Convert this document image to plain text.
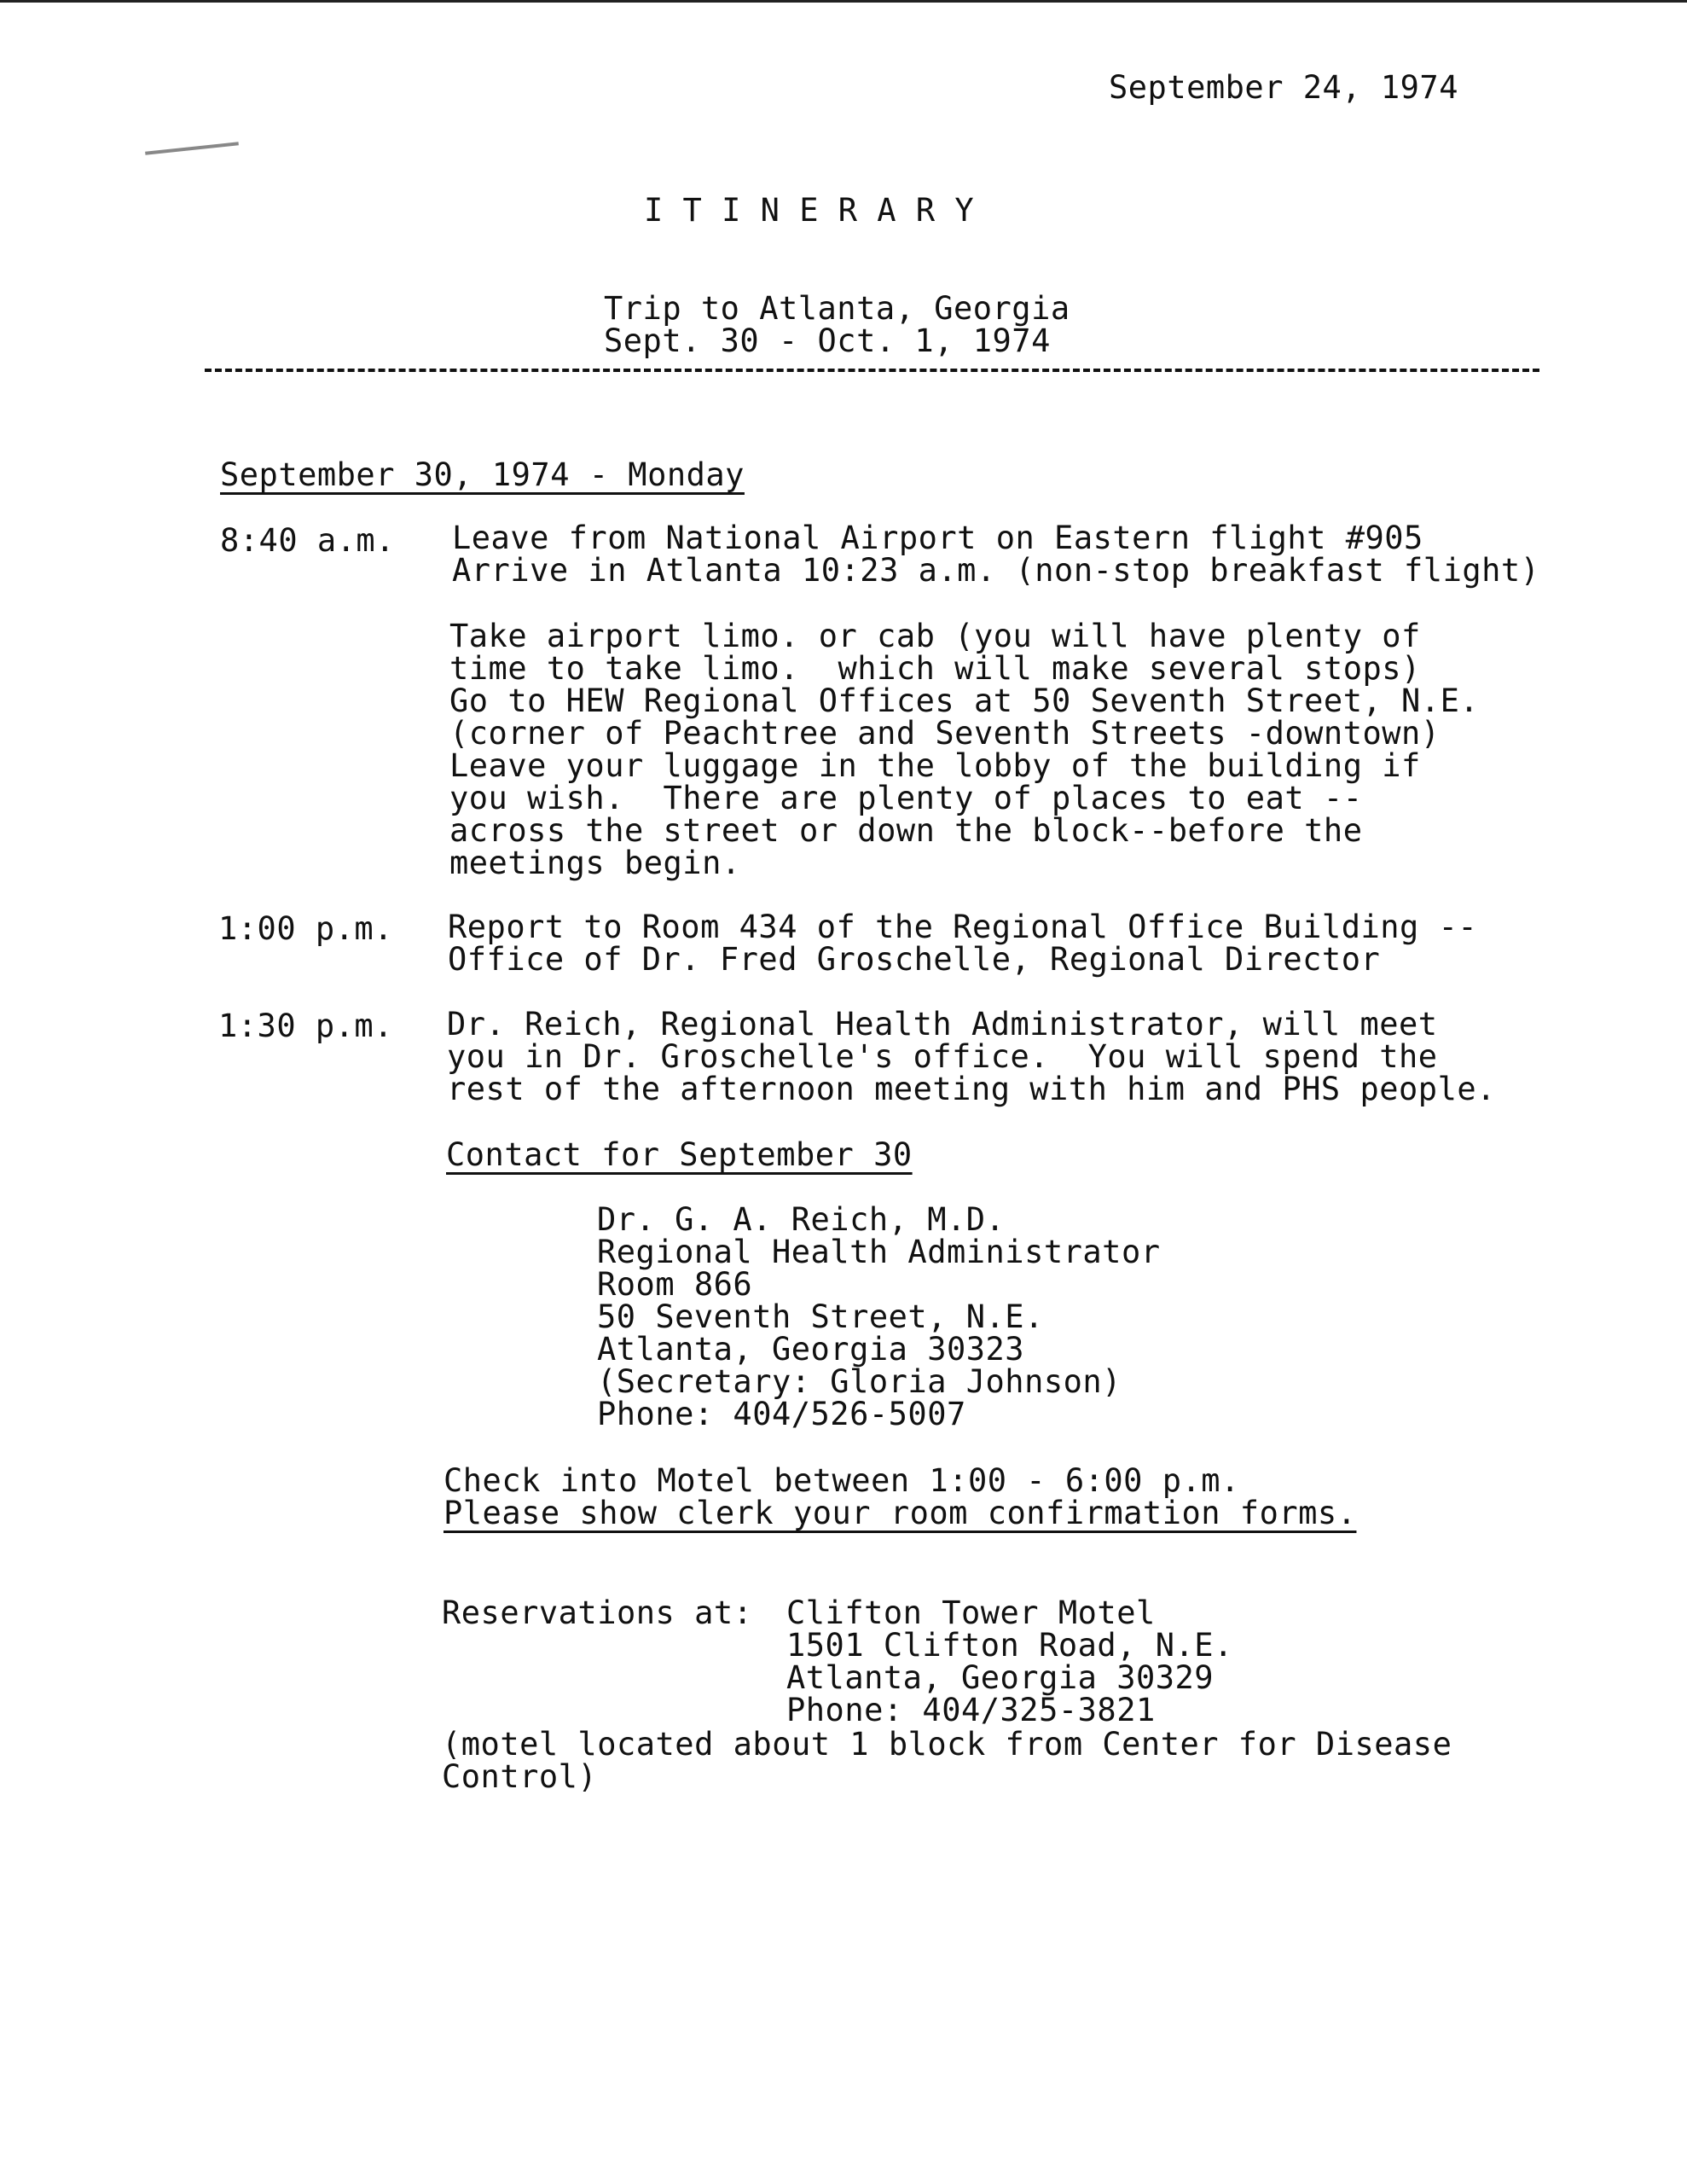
September 24, 1974
I T I N E R A R Y
Trip to Atlanta, Georgia
Sept. 30 - Oct. 1, 1974
September 30, 1974 - Monday
8:40 a.m. Leave from National Airport on Eastern flight #905
Arrive in Atlanta 10:23 a.m. (non-stop breakfast flight)
Take airport limo. or cab (you will have plenty of
time to take limo.  which will make several stops)
Go to HEW Regional Offices at 50 Seventh Street, N.E.
(corner of Peachtree and Seventh Streets -downtown)
Leave your luggage in the lobby of the building if
you wish.  There are plenty of places to eat --
across the street or down the block--before the
meetings begin.
1:00 p.m. Report to Room 434 of the Regional Office Building --
Office of Dr. Fred Groschelle, Regional Director
1:30 p.m. Dr. Reich, Regional Health Administrator, will meet
you in Dr. Groschelle's office.  You will spend the
rest of the afternoon meeting with him and PHS people.
Contact for September 30
Dr. G. A. Reich, M.D.
Regional Health Administrator
Room 866
50 Seventh Street, N.E.
Atlanta, Georgia 30323
(Secretary: Gloria Johnson)
Phone: 404/526-5007
Check into Motel between 1:00 - 6:00 p.m.
Please show clerk your room confirmation forms.
Reservations at: Clifton Tower Motel
1501 Clifton Road, N.E.
Atlanta, Georgia 30329
Phone: 404/325-3821
(motel located about 1 block from Center for Disease
Control)
